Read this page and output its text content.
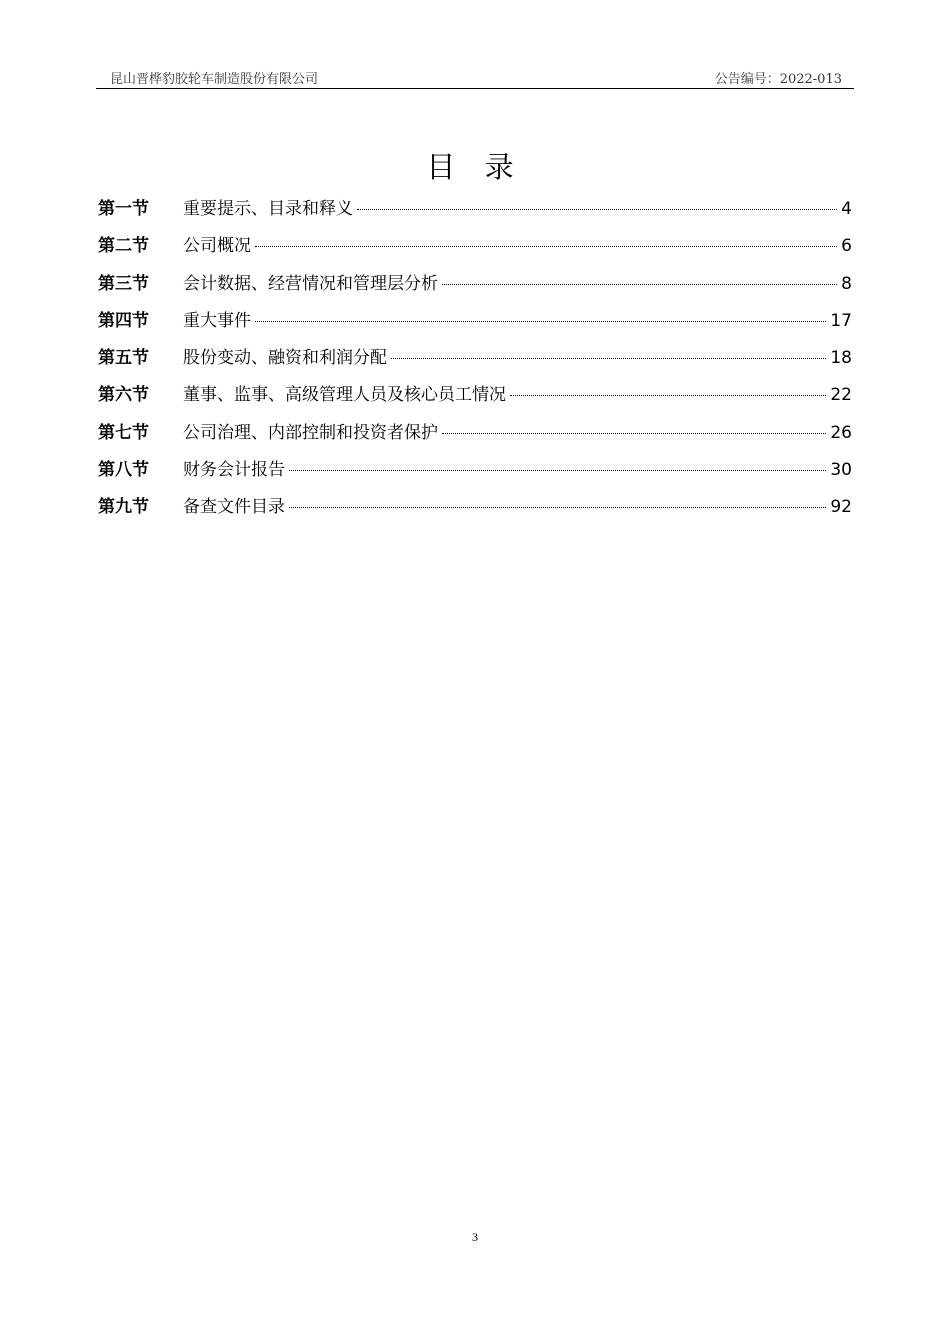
昆山晋桦豹胶轮车制造股份有限公司	公告编号：2022-013
目 录
第一节	重要提示、目录和释义	4
第二节	公司概况	6
第三节	会计数据、经营情况和管理层分析	8
第四节	重大事件	17
第五节	股份变动、融资和利润分配	18
第六节	董事、监事、高级管理人员及核心员工情况	22
第七节	公司治理、内部控制和投资者保护	26
第八节	财务会计报告	30
第九节	备查文件目录	92
3
